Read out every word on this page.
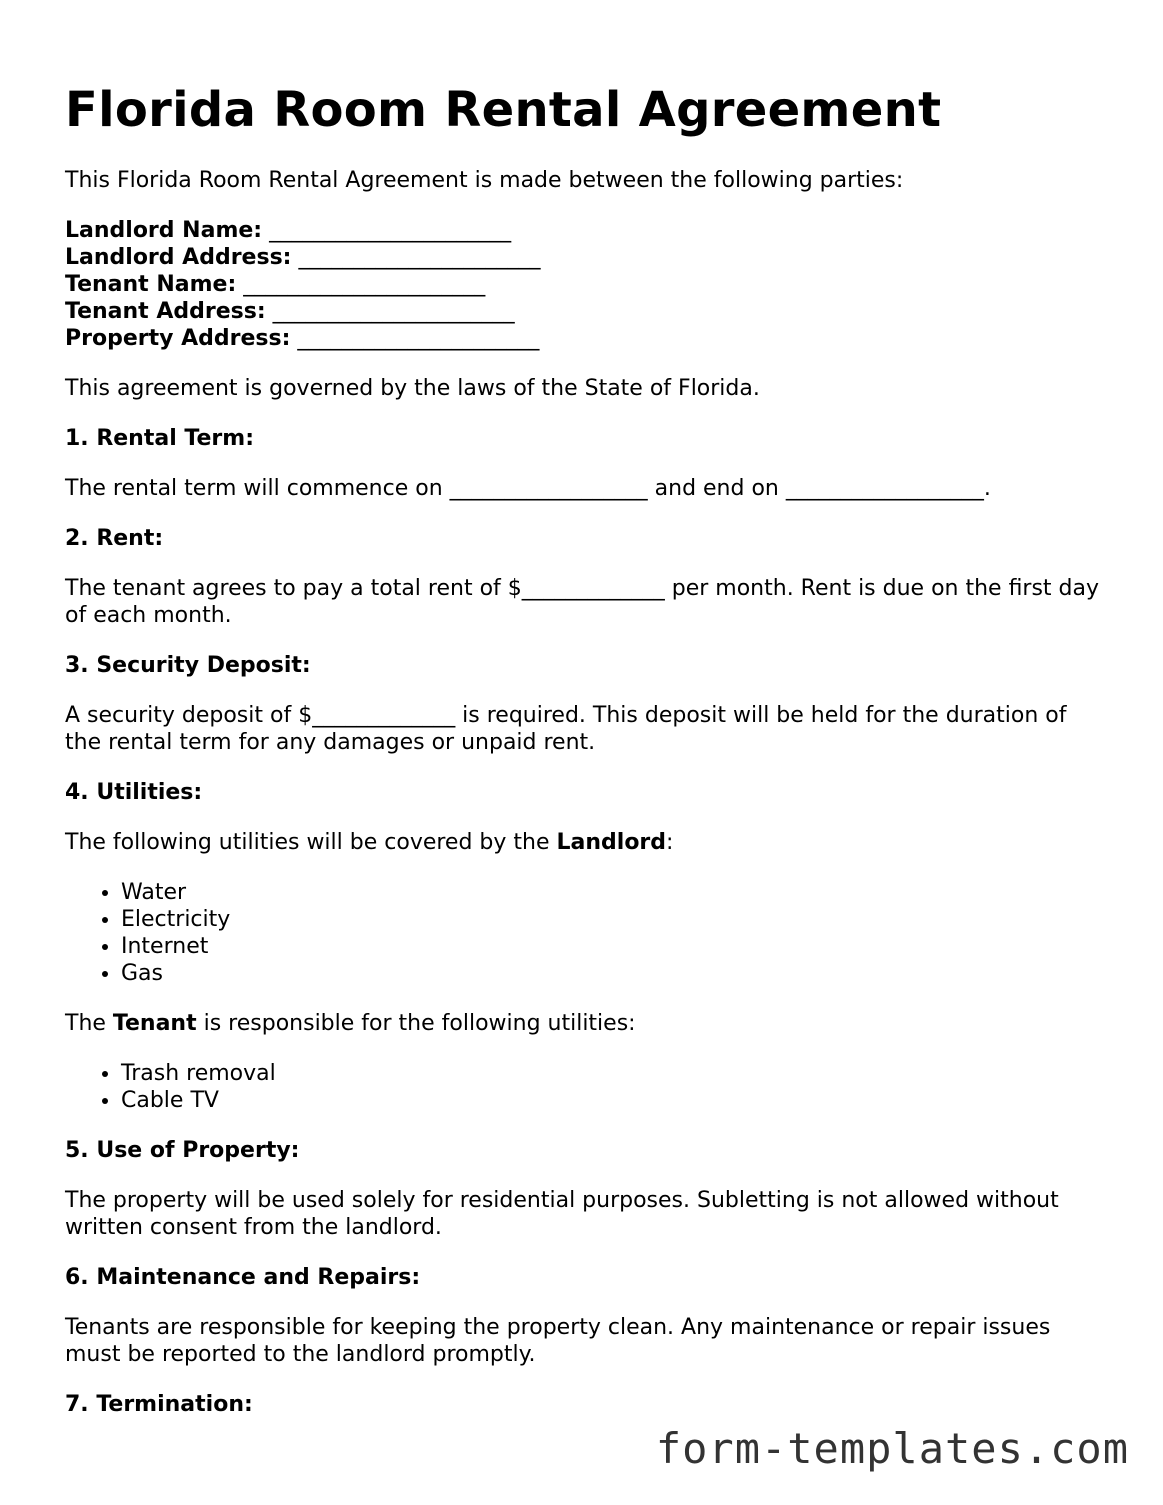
Florida Room Rental Agreement

This Florida Room Rental Agreement is made between the following parties:

Landlord Name: ______________________
Landlord Address: ______________________
Tenant Name: ______________________
Tenant Address: ______________________
Property Address: ______________________

This agreement is governed by the laws of the State of Florida.

1. Rental Term:

The rental term will commence on __________________ and end on __________________.

2. Rent:

The tenant agrees to pay a total rent of $_____________ per month. Rent is due on the first day of each month.

3. Security Deposit:

A security deposit of $_____________ is required. This deposit will be held for the duration of the rental term for any damages or unpaid rent.

4. Utilities:

The following utilities will be covered by the Landlord:

• Water
• Electricity
• Internet
• Gas

The Tenant is responsible for the following utilities:

• Trash removal
• Cable TV
5. Use of Property:

The property will be used solely for residential purposes. Subletting is not allowed without written consent from the landlord.

6. Maintenance and Repairs:

Tenants are responsible for keeping the property clean. Any maintenance or repair issues must be reported to the landlord promptly.

7. Termination:
form-templates.com
